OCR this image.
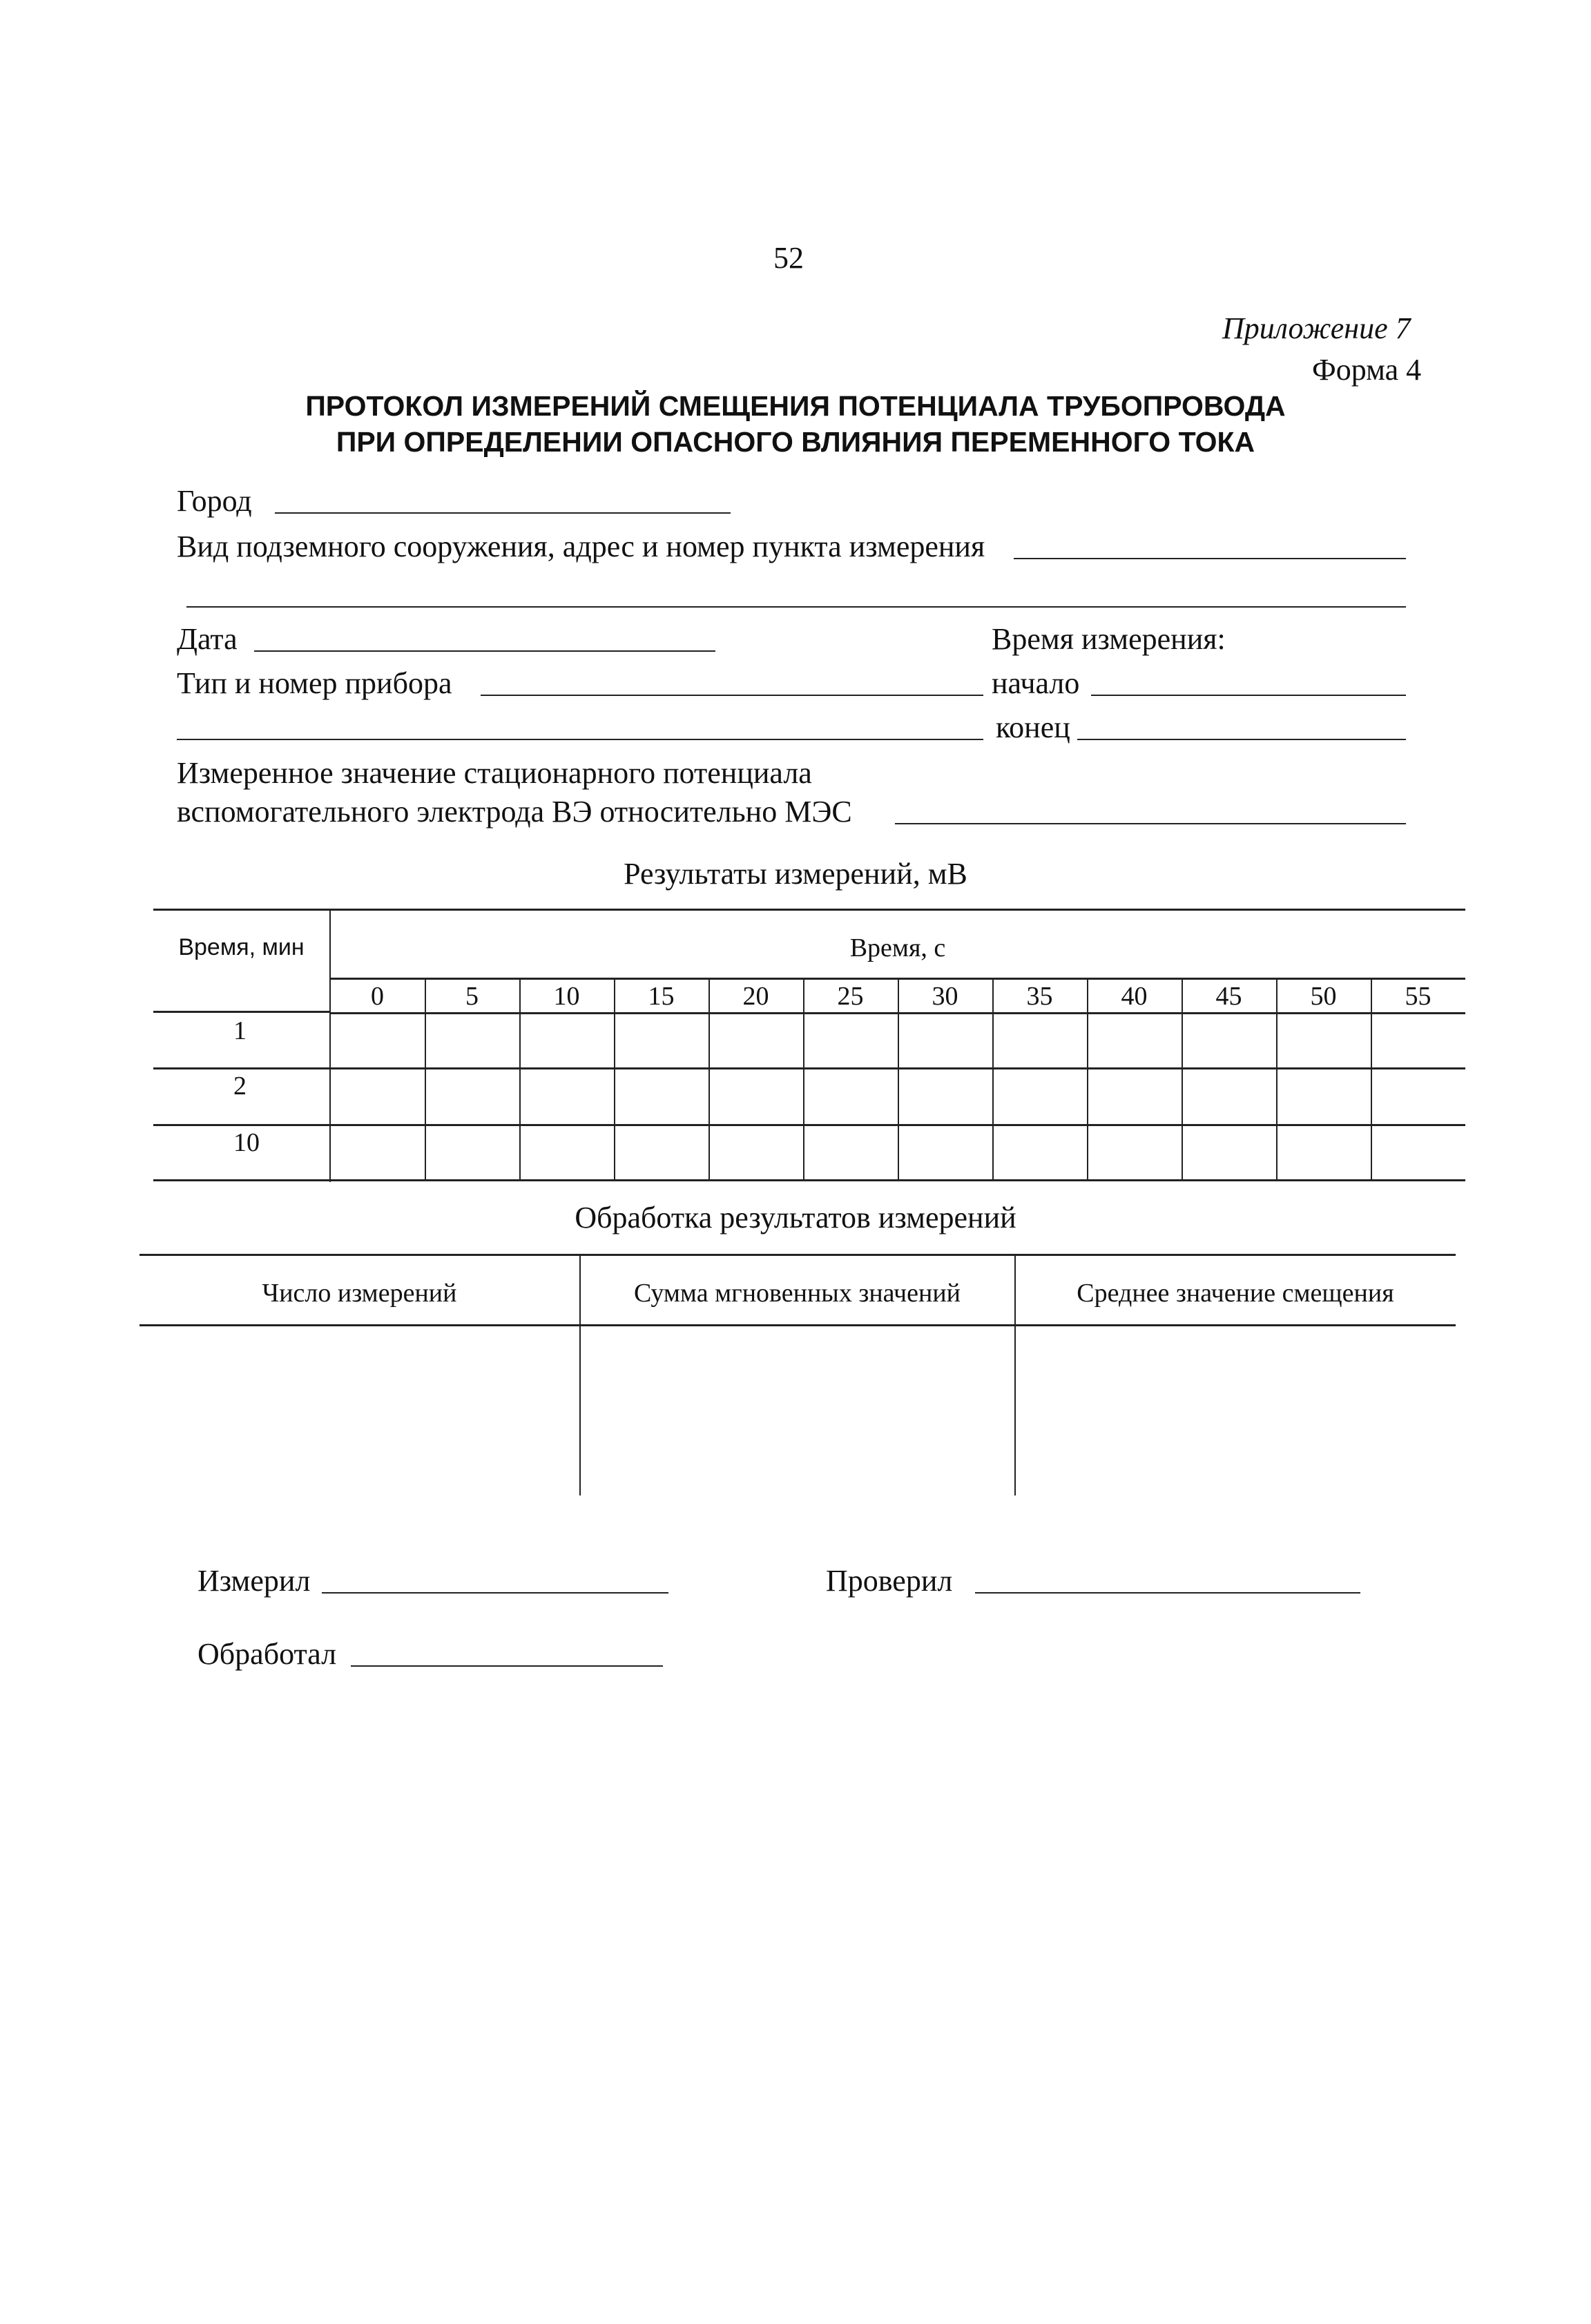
52
Приложение 7
Форма 4
ПРОТОКОЛ ИЗМЕРЕНИЙ СМЕЩЕНИЯ ПОТЕНЦИАЛА ТРУБОПРОВОДА
ПРИ ОПРЕДЕЛЕНИИ ОПАСНОГО ВЛИЯНИЯ ПЕРЕМЕННОГО ТОКА
Город
Вид подземного сооружения, адрес и номер пункта измерения
Дата	Время измерения:
Тип и номер прибора	начало
конец
Измеренное значение стационарного потенциала
вспомогательного электрода ВЭ относительно МЭС
Результаты измерений, мВ
Время, мин	Время, с
0	5	10	15	20	25	30	35	40	45	50	55
1
2
10
Обработка результатов измерений
Число измерений	Сумма мгновенных значений	Среднее значение смещения
Измерил	Проверил
Обработал
